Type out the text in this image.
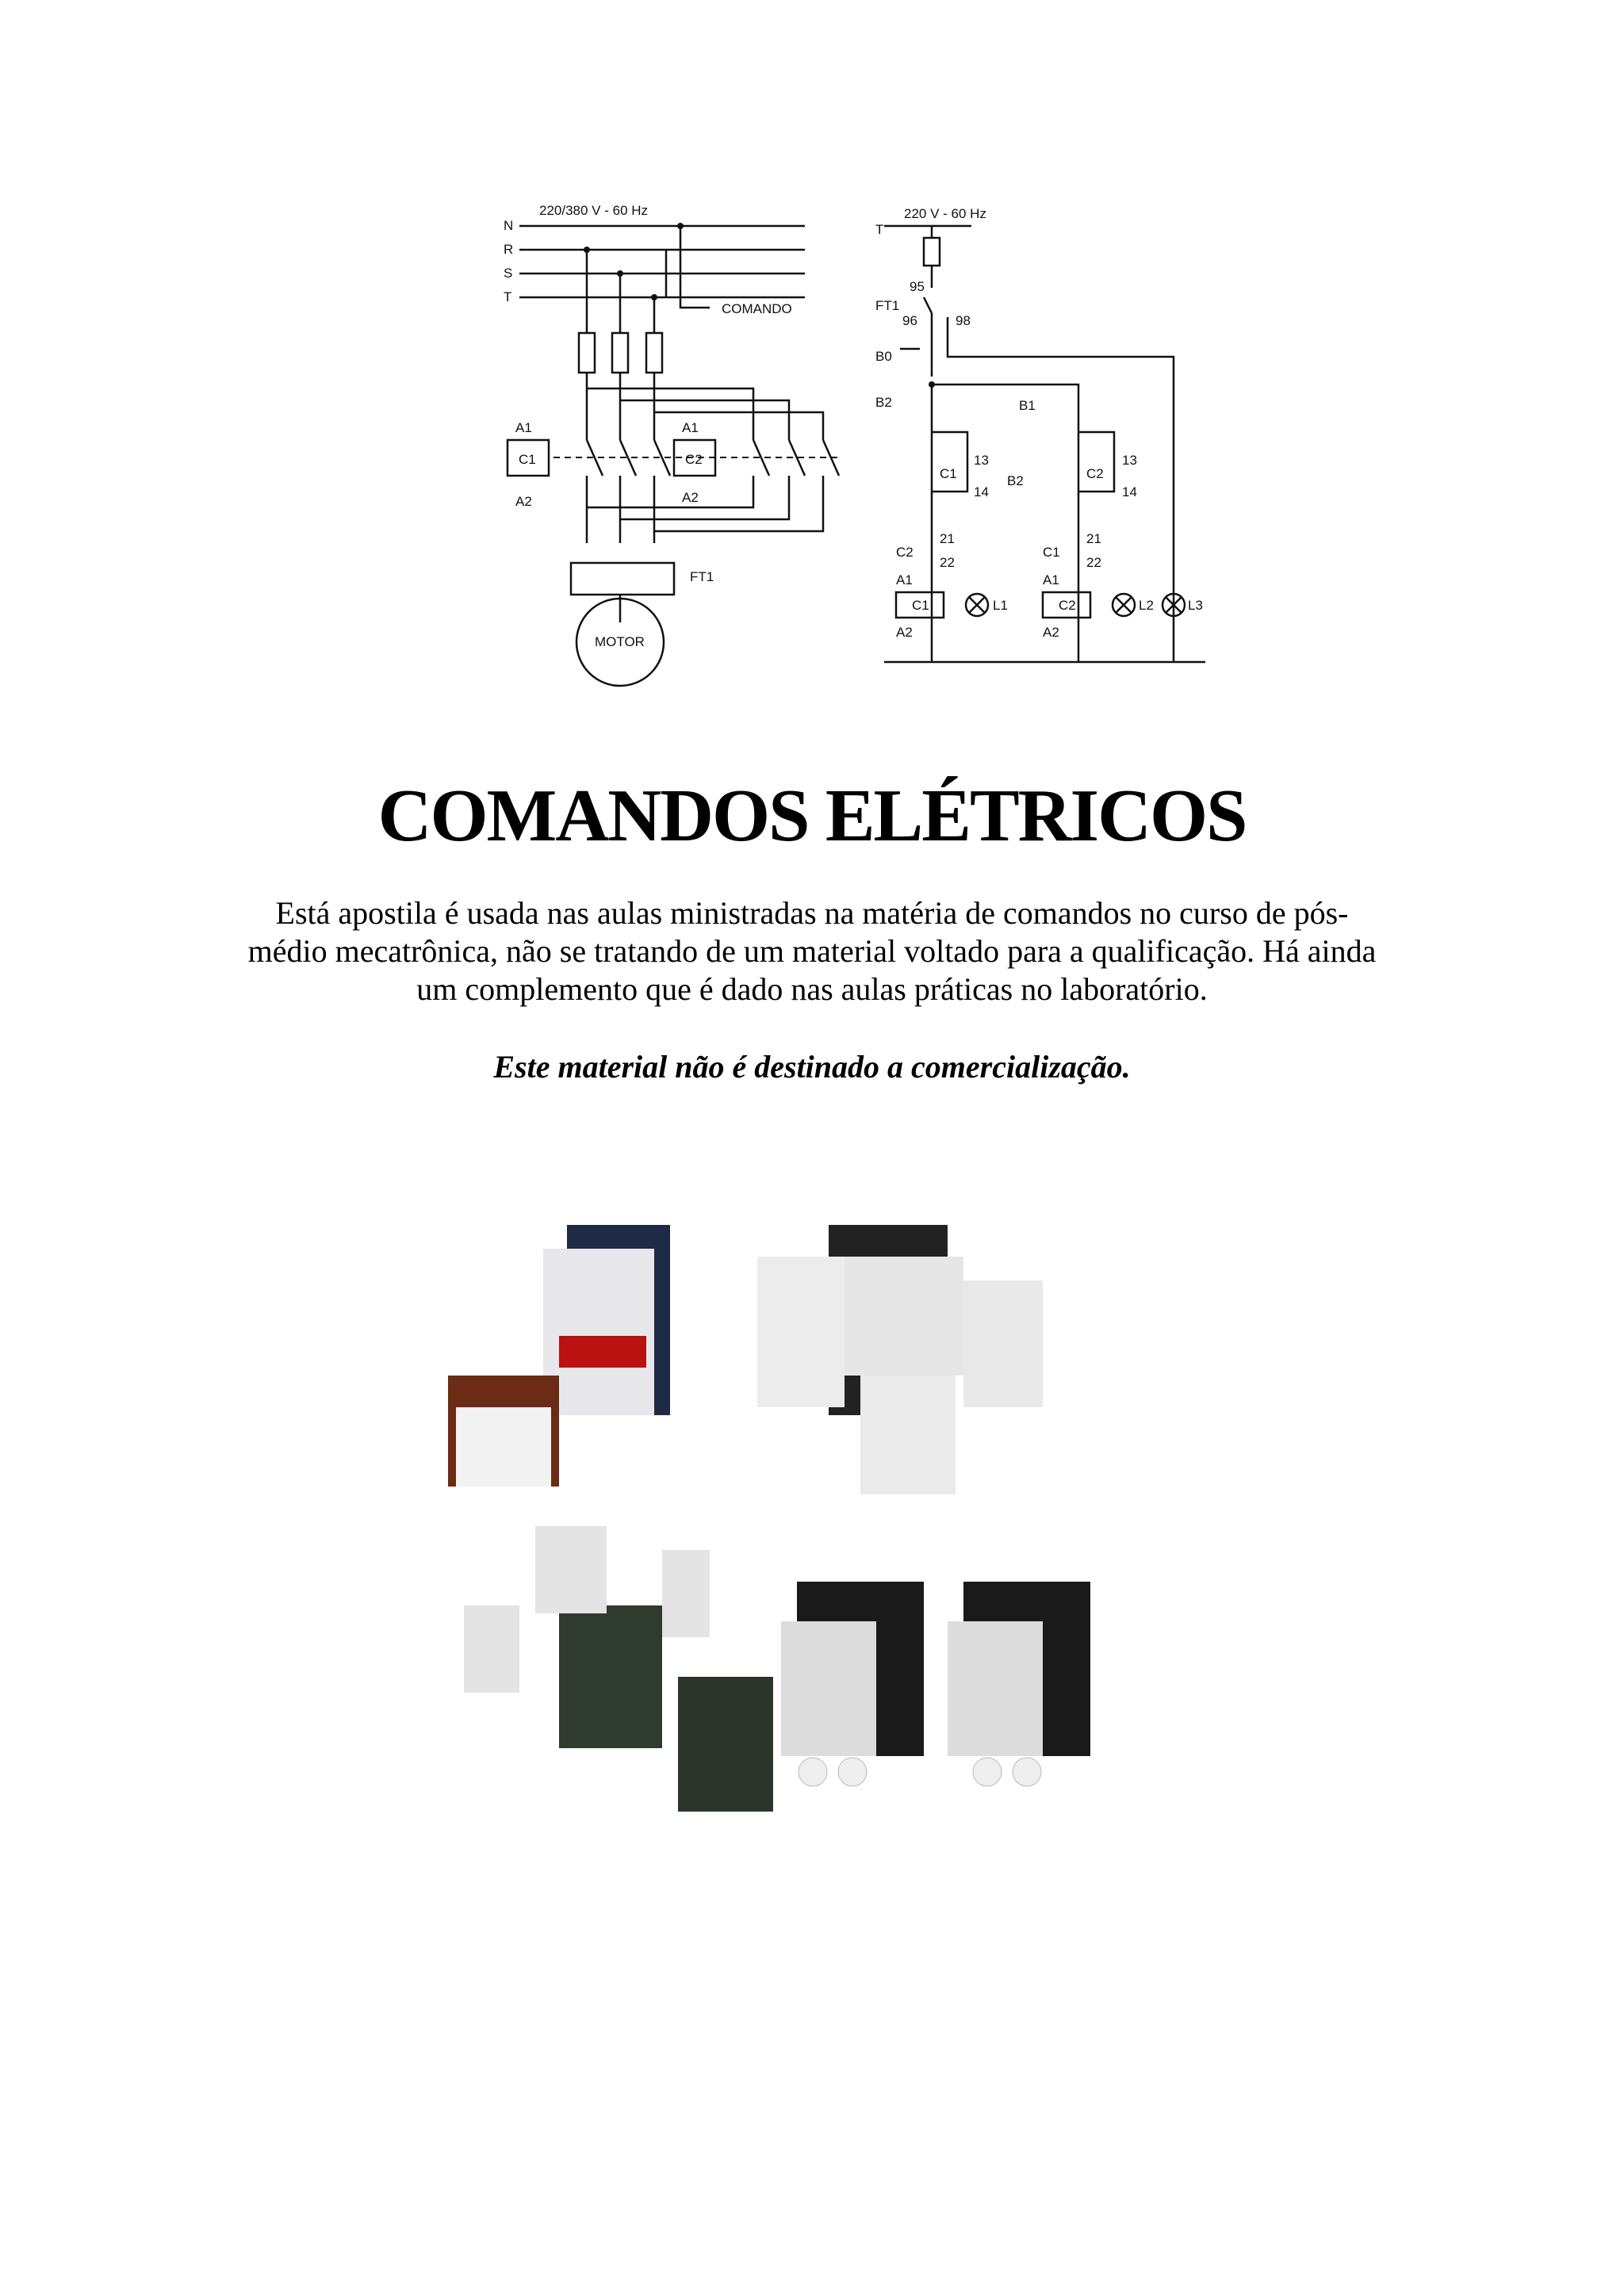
220/380 V - 60 Hz
N
R
S
T
COMANDO
A1
C1
A2
A1
C2
A2
FT1
MOTOR
220 V - 60 Hz
T
95
FT1
96	98
B0
B2	B1
B2
13
14
13
14
C1	C2
21
22
21
22
C2	C1
A1	A1
C1	C2
A2	A2
L1	L2	L3
COMANDOS ELÉTRICOS
Está apostila é usada nas aulas ministradas na matéria de comandos no curso de pós-médio mecatrônica, não se tratando de um material voltado para a qualificação. Há ainda um complemento que é dado nas aulas práticas no laboratório.
Este material não é destinado a comercialização.
